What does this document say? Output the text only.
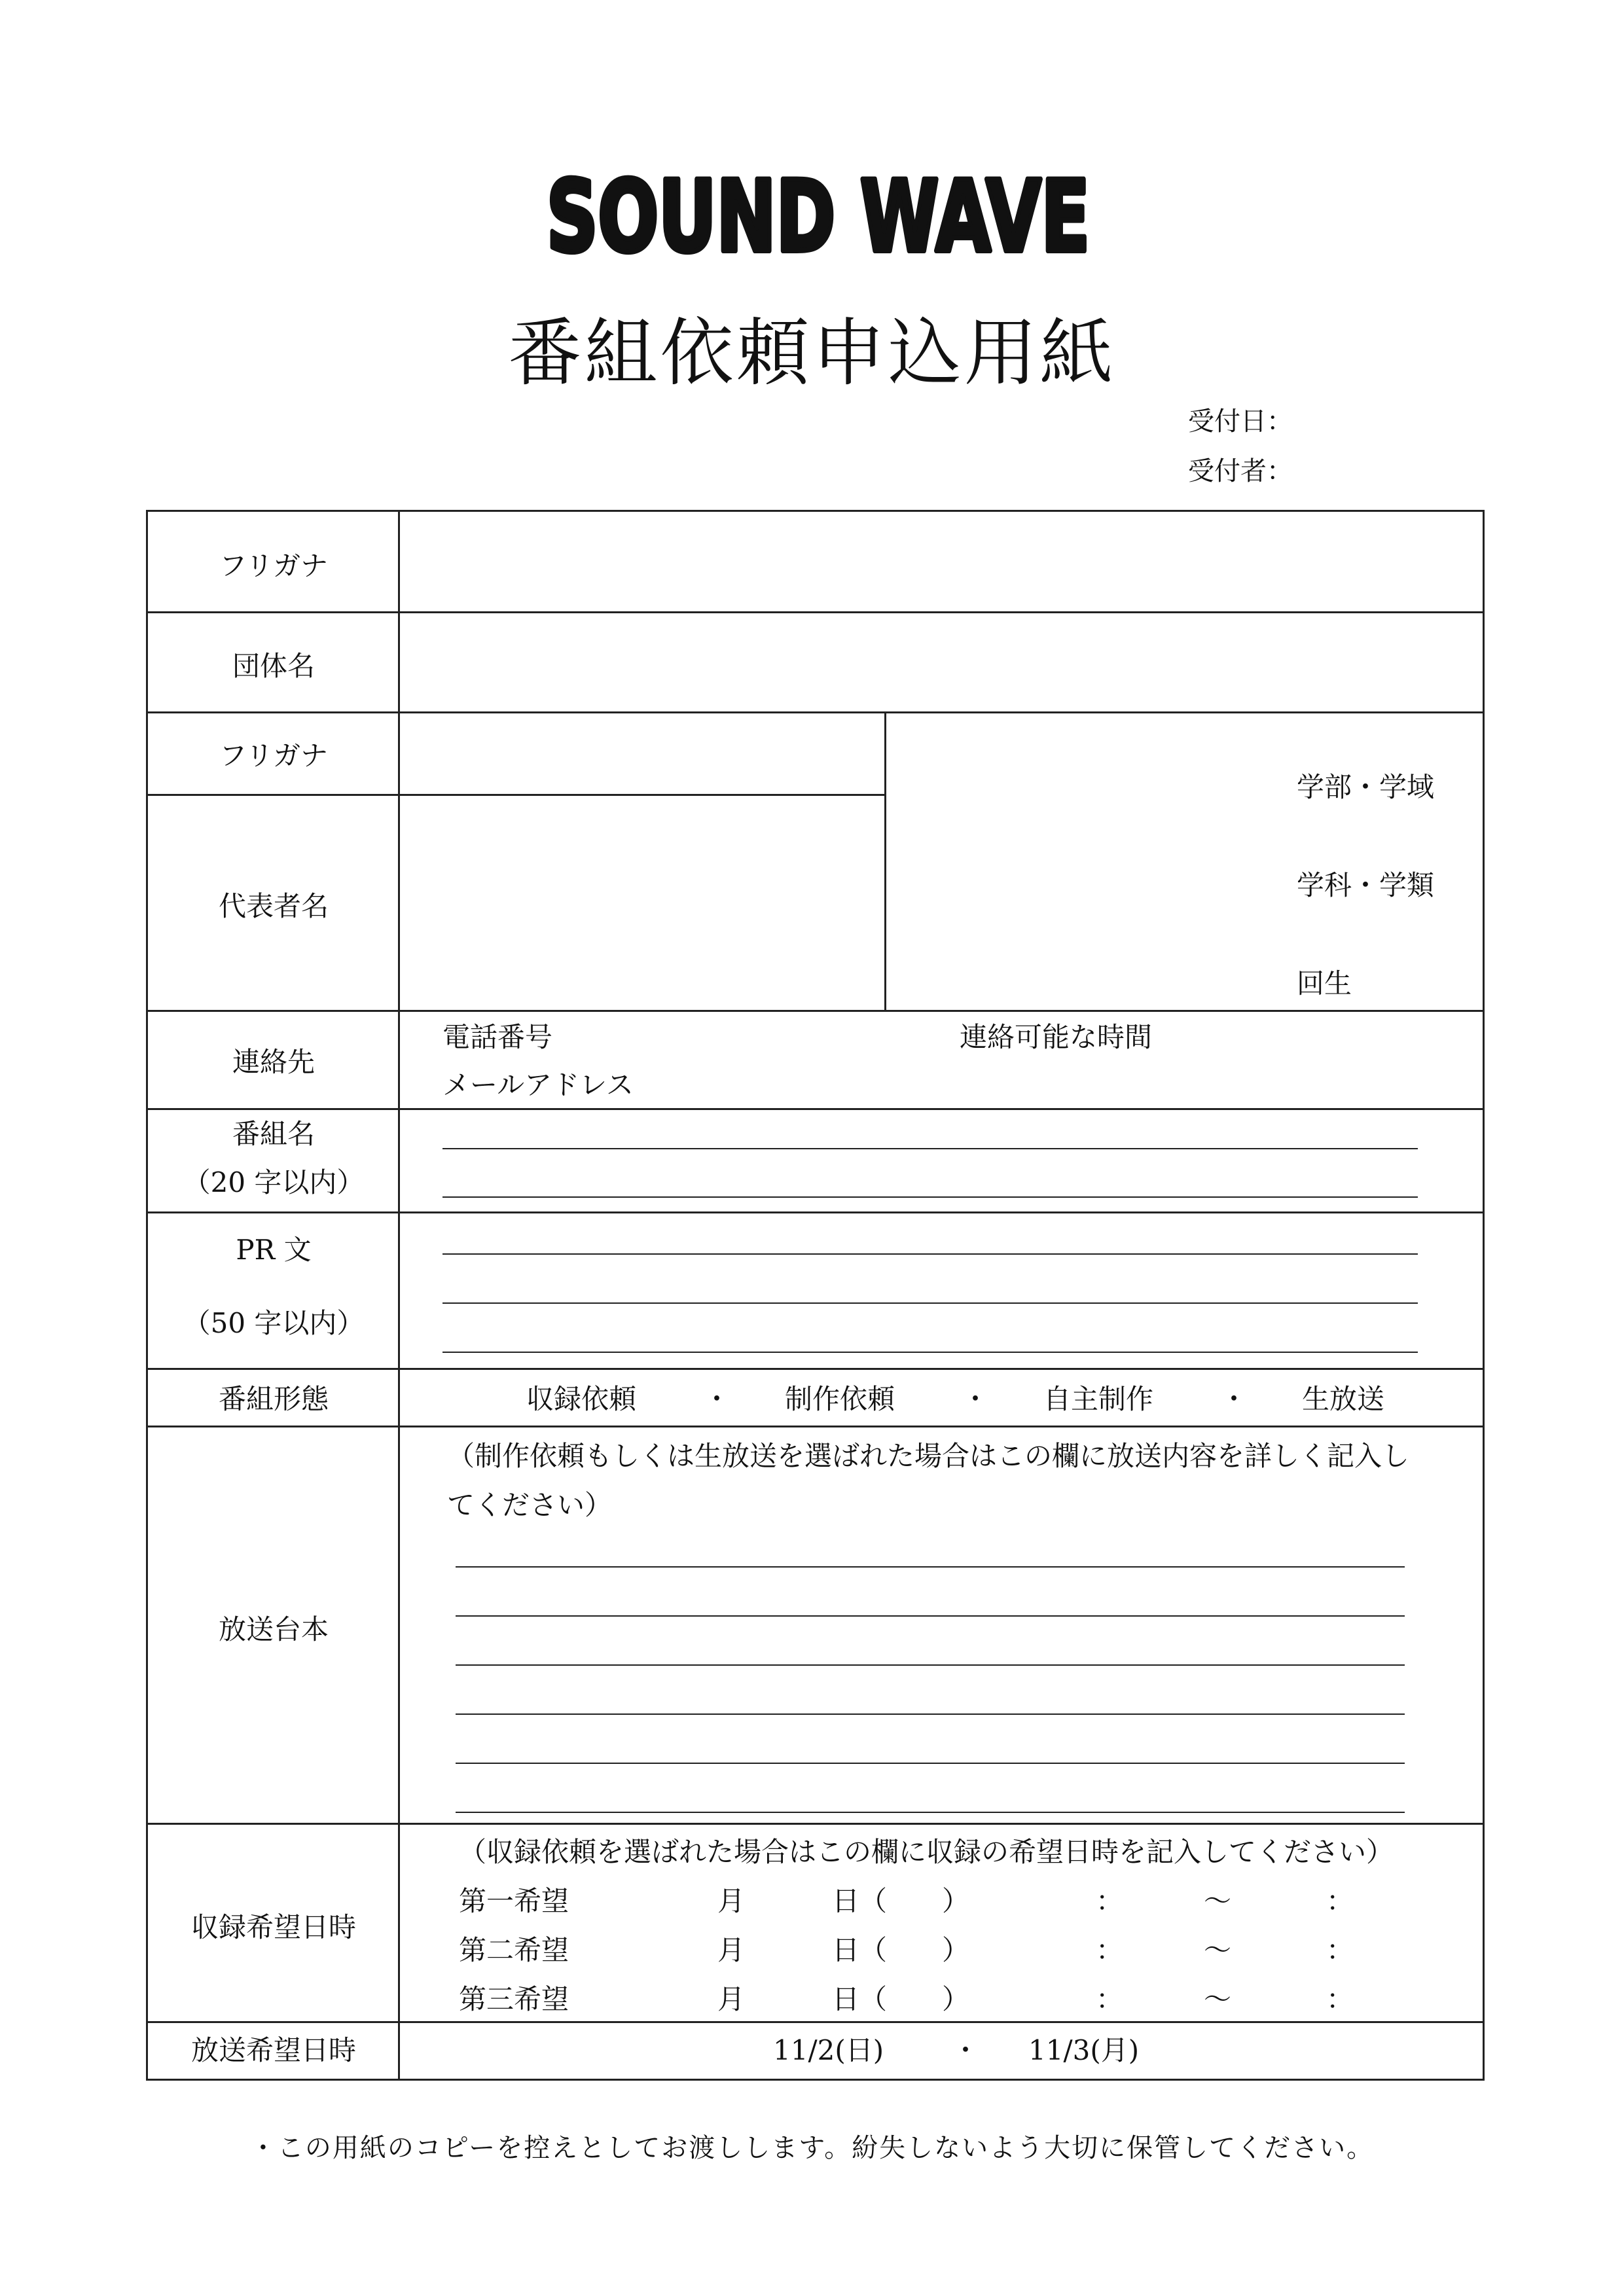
SOUND WAVE
番組依頼申込用紙
受付日：
受付者：
フリガナ
団体名
フリガナ
代表者名
学部・学域
学科・学類
回生
連絡先
電話番号	連絡可能な時間
メールアドレス
番組名
（20 字以内）
PR 文
（50 字以内）
番組形態	収録依頼 ・ 制作依頼 ・ 自主制作 ・ 生放送
放送台本
（制作依頼もしくは生放送を選ばれた場合はこの欄に放送内容を詳しく記入し
てください）
収録希望日時
（収録依頼を選ばれた場合はこの欄に収録の希望日時を記入してください）
第一希望	月	日（　　）	：	〜	：
第二希望	月	日（　　）	：	〜	：
第三希望	月	日（　　）	：	〜	：
放送希望日時	11/2(日) ・ 11/3(月)
・この用紙のコピーを控えとしてお渡しします。紛失しないよう大切に保管してください。
